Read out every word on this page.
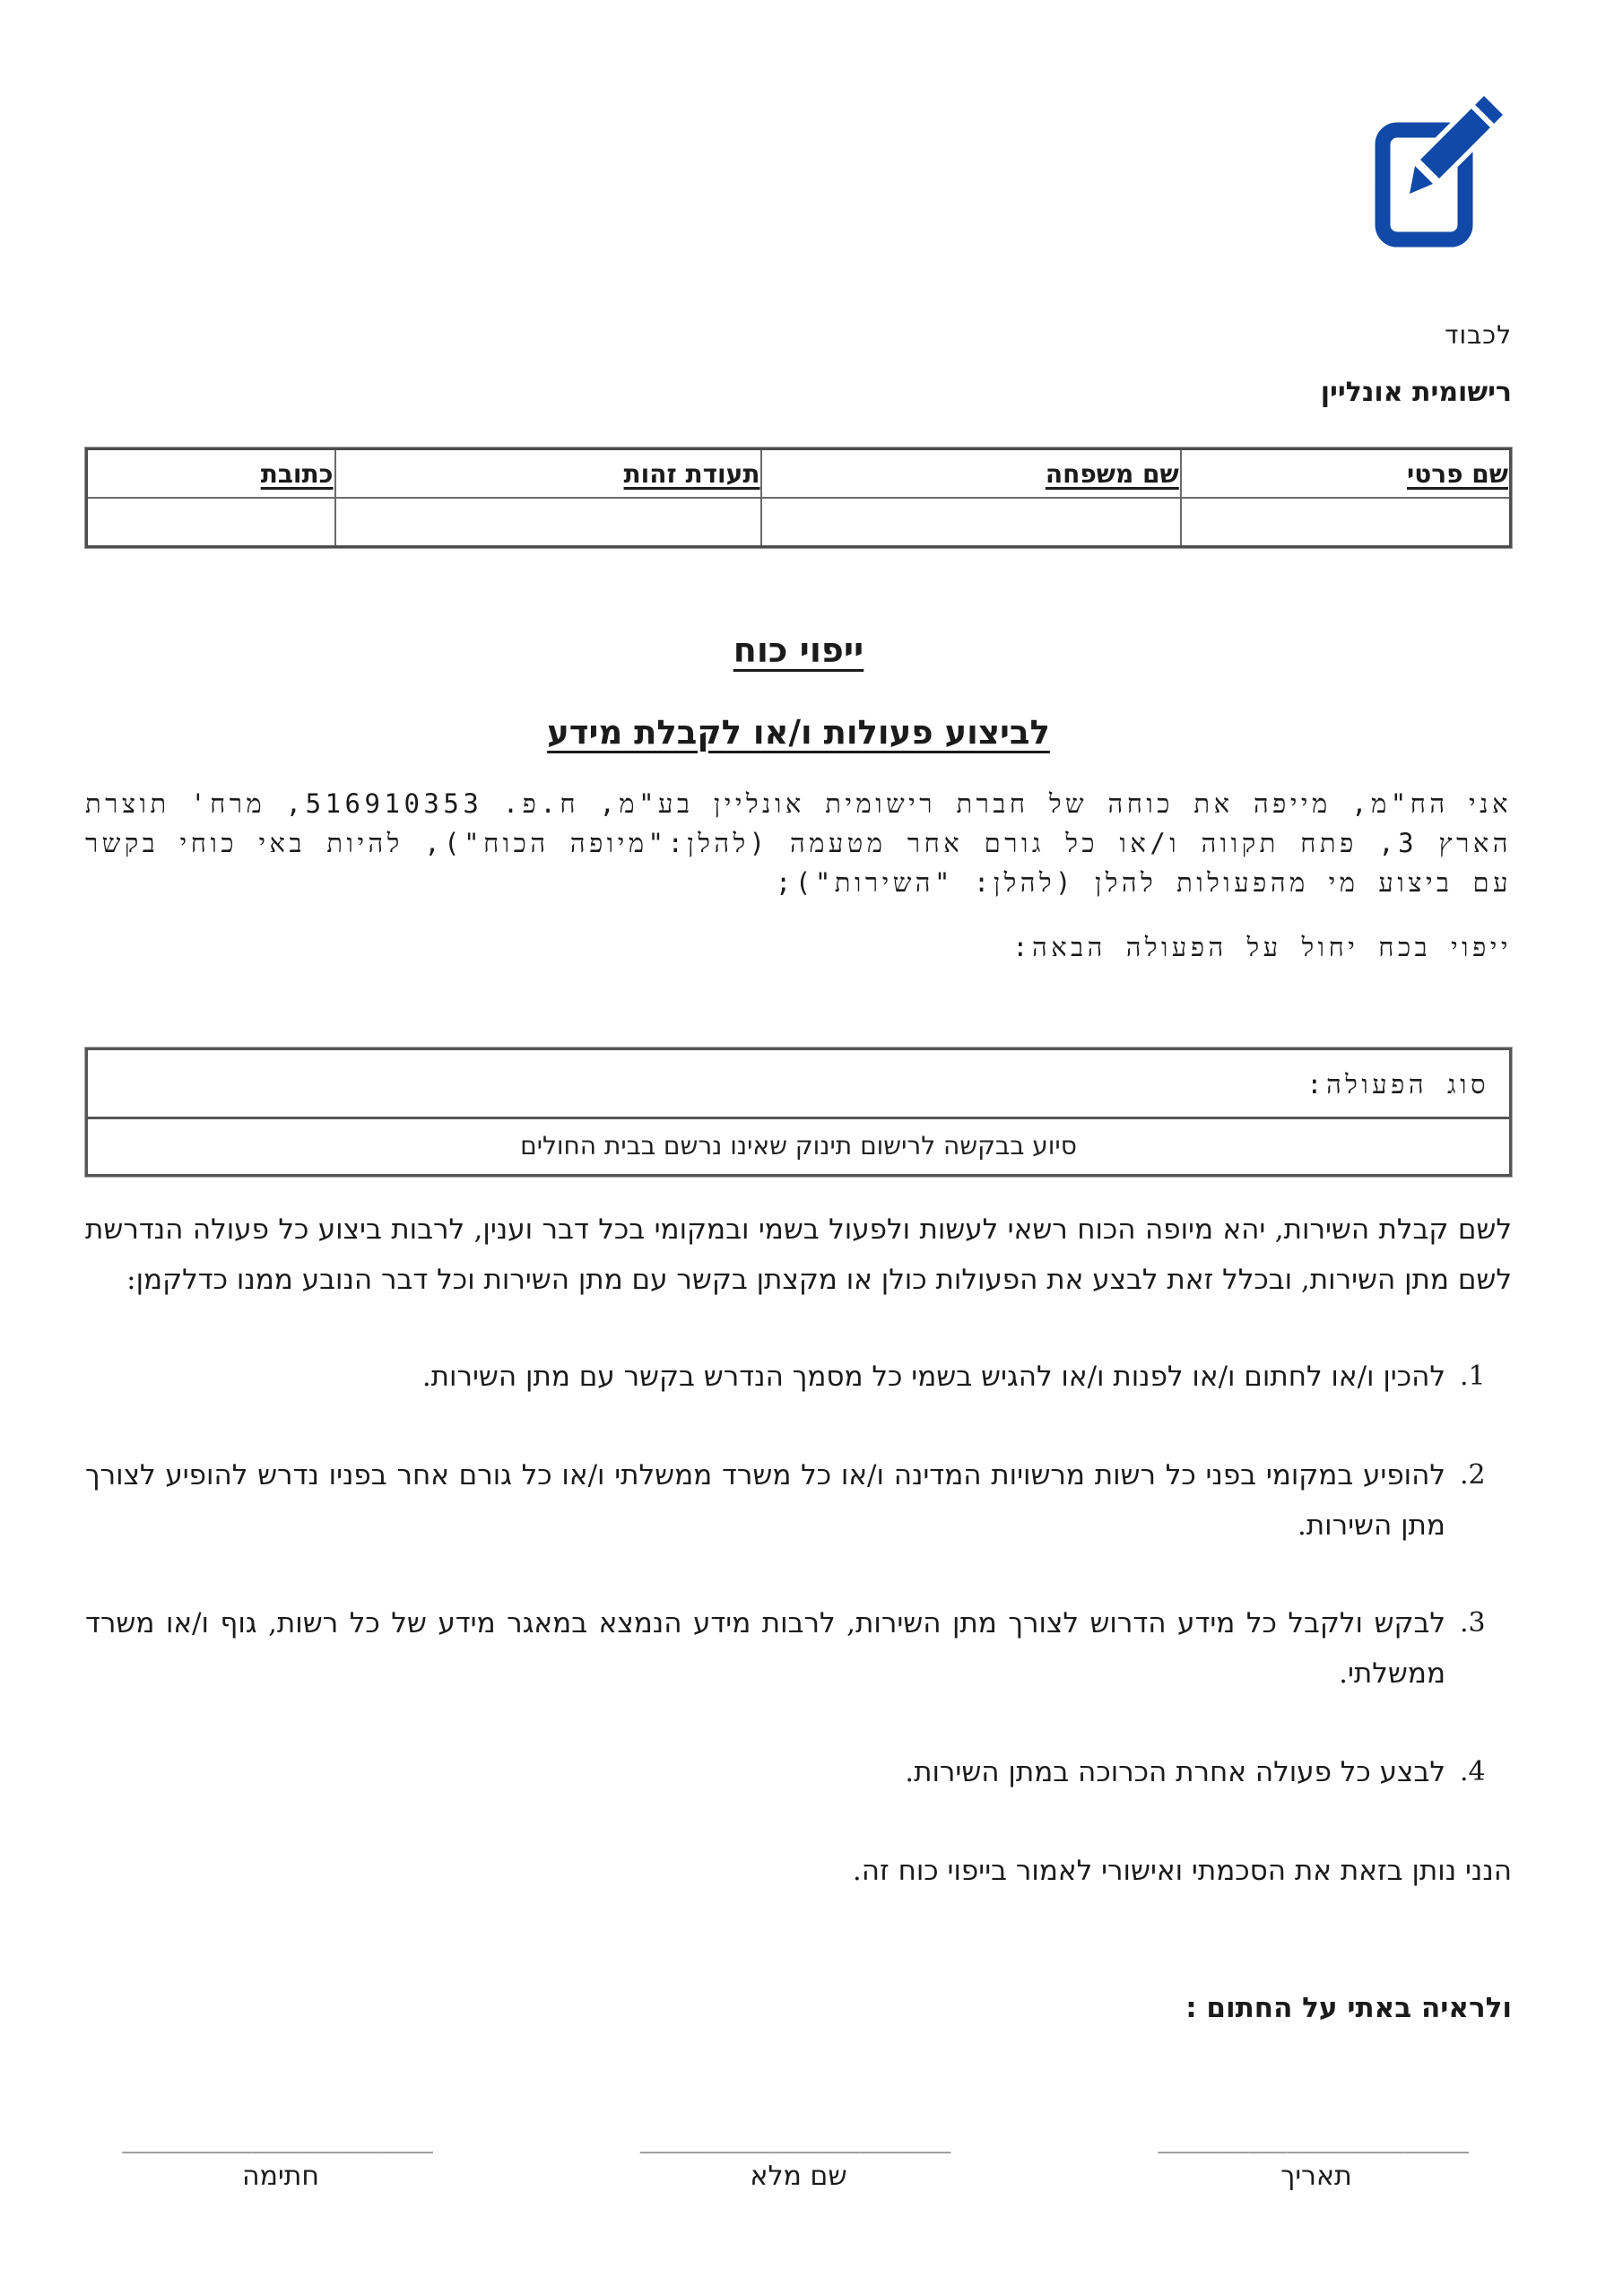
לכבוד
רישומית אונליין
שם פרטי	שם משפחה	תעודת זהות	כתובת

ייפוי כוח
לביצוע פעולות ו/או לקבלת מידע
אני הח"מ, מייפה את כוחה של חברת רישומית אונליין בע"מ, ח.פ. 516910353, מרח' תוצרת הארץ 3, פתח תקווה ו/או כל גורם אחר מטעמה (להלן:"מיופה הכוח"), להיות באי כוחי בקשר עם ביצוע מי מהפעולות להלן (להלן: "השירות");
ייפוי בכח יחול על הפעולה הבאה:
סוג הפעולה:
סיוע בבקשה לרישום תינוק שאינו נרשם בבית החולים
לשם קבלת השירות, יהא מיופה הכוח רשאי לעשות ולפעול בשמי ובמקומי בכל דבר וענין, לרבות ביצוע כל פעולה הנדרשת לשם מתן השירות, ובכלל זאת לבצע את הפעולות כולן או מקצתן בקשר עם מתן השירות וכל דבר הנובע ממנו כדלקמן:
1.
להכין ו/או לחתום ו/או לפנות ו/או להגיש בשמי כל מסמך הנדרש בקשר עם מתן השירות.
2.
להופיע במקומי בפני כל רשות מרשויות המדינה ו/או כל משרד ממשלתי ו/או כל גורם אחר בפניו נדרש להופיע לצורך מתן השירות.
3.
לבקש ולקבל כל מידע הדרוש לצורך מתן השירות, לרבות מידע הנמצא במאגר מידע של כל רשות, גוף ו/או משרד ממשלתי.
4.
לבצע כל פעולה אחרת הכרוכה במתן השירות.
הנני נותן בזאת את הסכמתי ואישורי לאמור בייפוי כוח זה.
ולראיה באתי על החתום :
________________________
תאריך
________________________
שם מלא
________________________
חתימה
